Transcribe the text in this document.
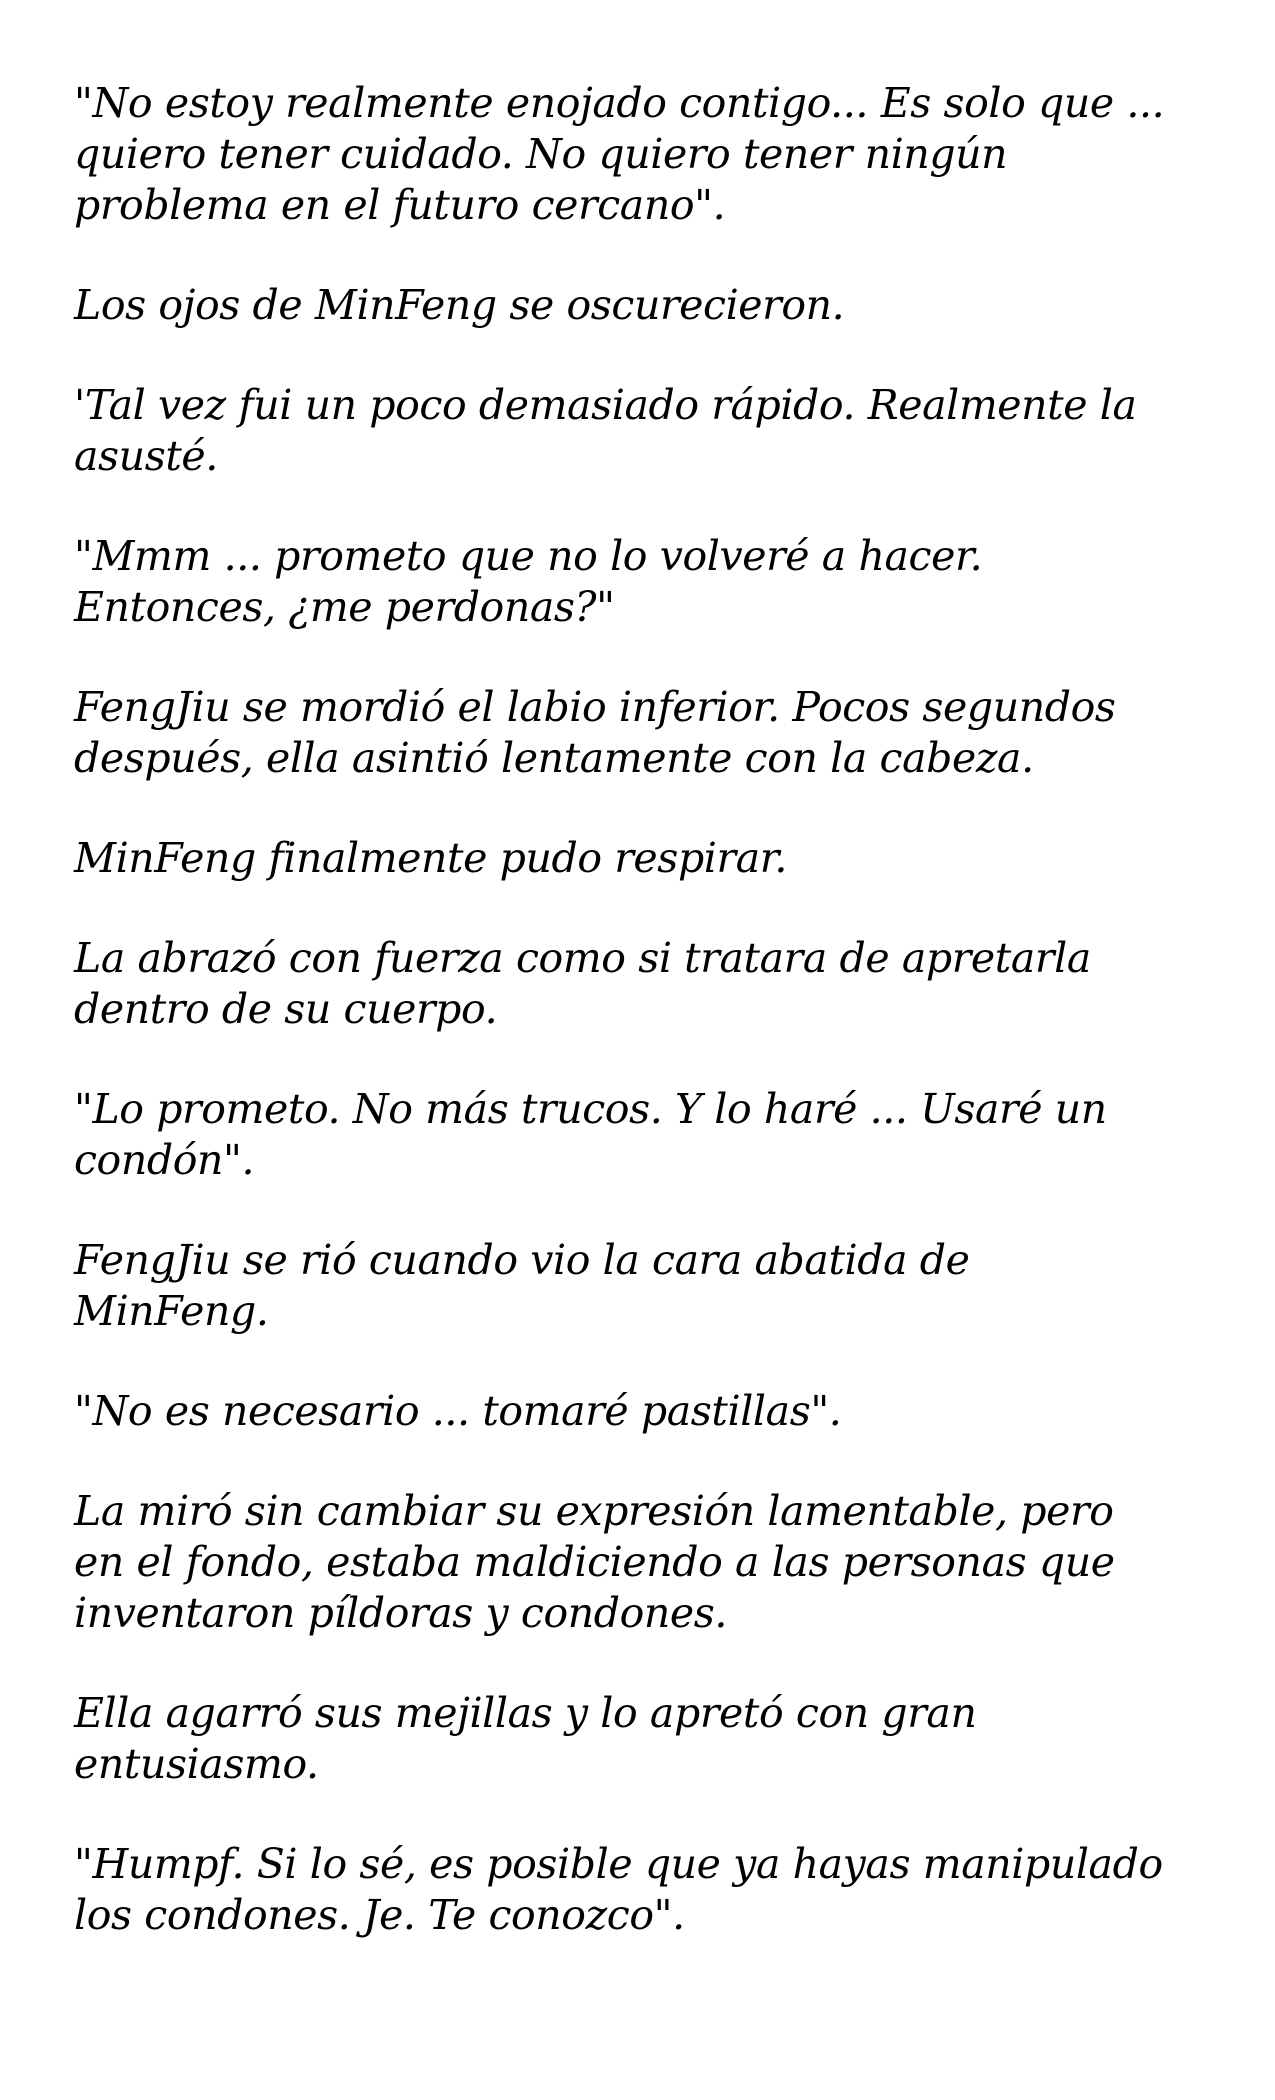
"No estoy realmente enojado contigo... Es solo que ...
quiero tener cuidado. No quiero tener ningún
problema en el futuro cercano".

Los ojos de MinFeng se oscurecieron.

'Tal vez fui un poco demasiado rápido. Realmente la
asusté.

"Mmm ... prometo que no lo volveré a hacer.
Entonces, ¿me perdonas?"

FengJiu se mordió el labio inferior. Pocos segundos
después, ella asintió lentamente con la cabeza.

MinFeng finalmente pudo respirar.

La abrazó con fuerza como si tratara de apretarla
dentro de su cuerpo.

"Lo prometo. No más trucos. Y lo haré ... Usaré un
condón".

FengJiu se rió cuando vio la cara abatida de
MinFeng.

"No es necesario ... tomaré pastillas".

La miró sin cambiar su expresión lamentable, pero
en el fondo, estaba maldiciendo a las personas que
inventaron píldoras y condones.

Ella agarró sus mejillas y lo apretó con gran
entusiasmo.

"Humpf. Si lo sé, es posible que ya hayas manipulado
los condones. Je. Te conozco".
